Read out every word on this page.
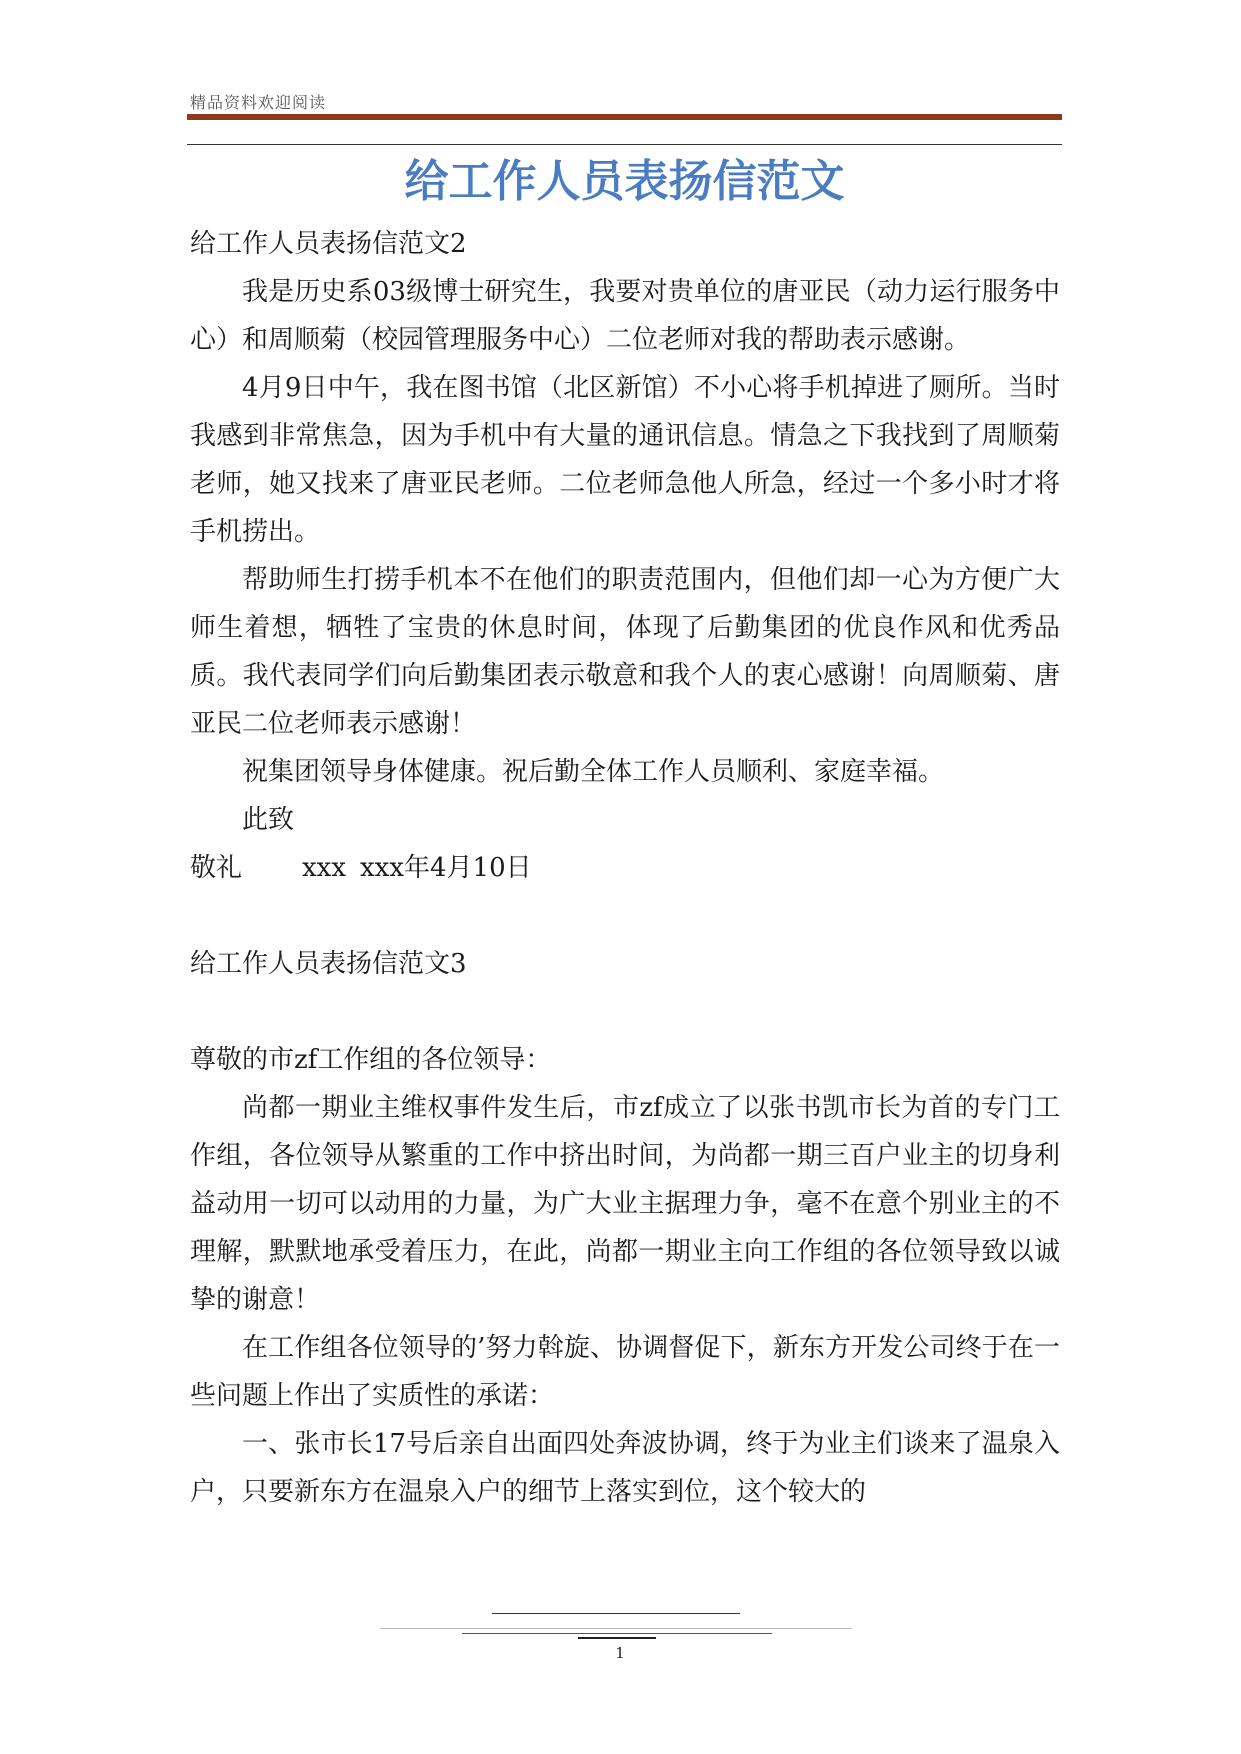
精品资料欢迎阅读
给工作人员表扬信范文

给工作人员表扬信范文2

我是历史系03级博士研究生，我要对贵单位的唐亚民（动力运行服务中心）和周顺菊（校园管理服务中心）二位老师对我的帮助表示感谢。

4月9日中午，我在图书馆（北区新馆）不小心将手机掉进了厕所。当时我感到非常焦急，因为手机中有大量的通讯信息。情急之下我找到了周顺菊老师，她又找来了唐亚民老师。二位老师急他人所急，经过一个多小时才将手机捞出。

帮助师生打捞手机本不在他们的职责范围内，但他们却一心为方便广大师生着想，牺牲了宝贵的休息时间，体现了后勤集团的优良作风和优秀品质。我代表同学们向后勤集团表示敬意和我个人的衷心感谢！向周顺菊、唐亚民二位老师表示感谢！

祝集团领导身体健康。祝后勤全体工作人员顺利、家庭幸福。

此致

敬礼 xxx xxx年4月10日

给工作人员表扬信范文3

尊敬的市zf工作组的各位领导：

尚都一期业主维权事件发生后，市zf成立了以张书凯市长为首的专门工作组，各位领导从繁重的工作中挤出时间，为尚都一期三百户业主的切身利益动用一切可以动用的力量，为广大业主据理力争，毫不在意个别业主的不理解，默默地承受着压力，在此，尚都一期业主向工作组的各位领导致以诚挚的谢意！

在工作组各位领导的’努力斡旋、协调督促下，新东方开发公司终于在一些问题上作出了实质性的承诺：

一、张市长17号后亲自出面四处奔波协调，终于为业主们谈来了温泉入户，只要新东方在温泉入户的细节上落实到位，这个较大的

1
